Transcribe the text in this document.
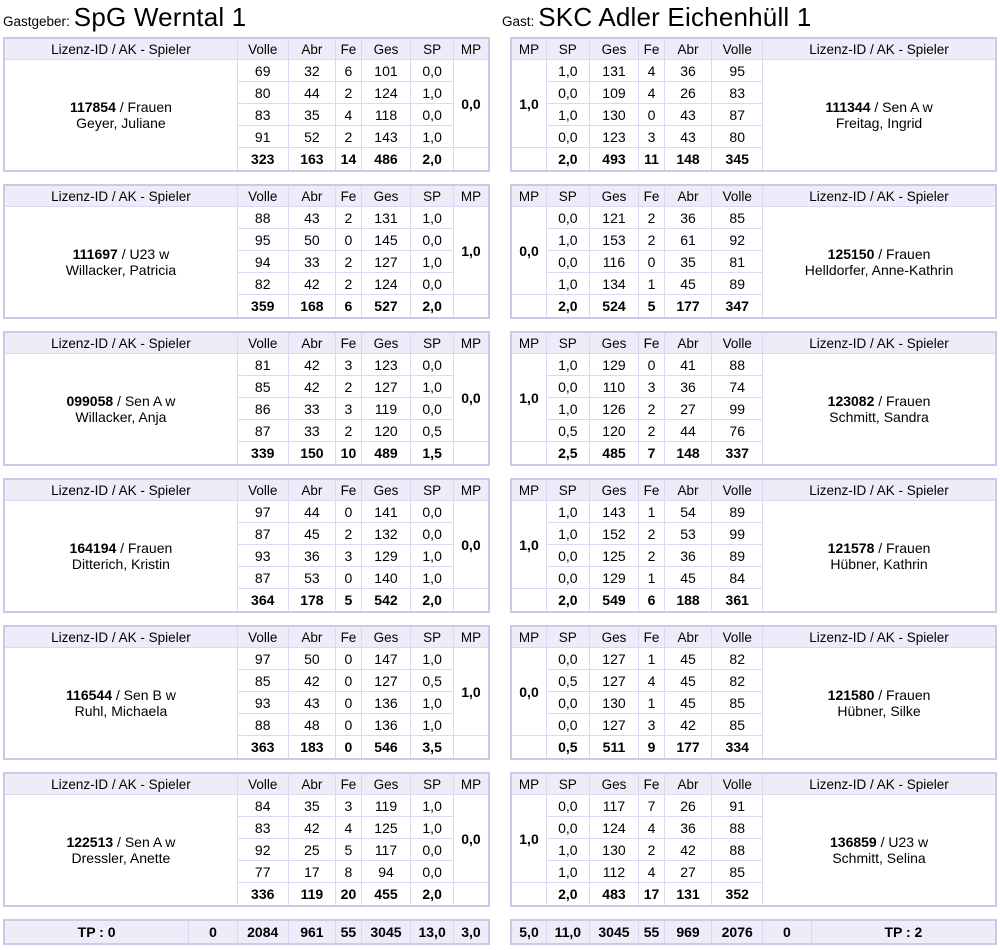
Gastgeber: SpG Werntal 1	Gast: SKC Adler Eichenhüll 1
Lizenz-ID / AK - Spieler	Volle	Abr	Fe	Ges	SP	MP

117854 / Frauen
Geyer, Juliane	69	32	6	101	0,0	0,0
	80	44	2	124	1,0	
	83	35	4	118	0,0	
	91	52	2	143	1,0	
	323	163	14	486	2,0	
Lizenz-ID / AK - Spieler	Volle	Abr	Fe	Ges	SP	MP

111697 / U23 w
Willacker, Patricia	88	43	2	131	1,0	1,0
	95	50	0	145	0,0	
	94	33	2	127	1,0	
	82	42	2	124	0,0	
	359	168	6	527	2,0	
Lizenz-ID / AK - Spieler	Volle	Abr	Fe	Ges	SP	MP

099058 / Sen A w
Willacker, Anja	81	42	3	123	0,0	0,0
	85	42	2	127	1,0	
	86	33	3	119	0,0	
	87	33	2	120	0,5	
	339	150	10	489	1,5	
Lizenz-ID / AK - Spieler	Volle	Abr	Fe	Ges	SP	MP

164194 / Frauen
Ditterich, Kristin	97	44	0	141	0,0	0,0
	87	45	2	132	0,0	
	93	36	3	129	1,0	
	87	53	0	140	1,0	
	364	178	5	542	2,0	
Lizenz-ID / AK - Spieler	Volle	Abr	Fe	Ges	SP	MP

116544 / Sen B w
Ruhl, Michaela	97	50	0	147	1,0	1,0
	85	42	0	127	0,5	
	93	43	0	136	1,0	
	88	48	0	136	1,0	
	363	183	0	546	3,5	
Lizenz-ID / AK - Spieler	Volle	Abr	Fe	Ges	SP	MP

122513 / Sen A w
Dressler, Anette	84	35	3	119	1,0	0,0
	83	42	4	125	1,0	
	92	25	5	117	0,0	
	77	17	8	94	0,0	
	336	119	20	455	2,0	
TP : 0	0	2084	961	55	3045	13,0	3,0
MP	SP	Ges	Fe	Abr	Volle	Lizenz-ID / AK - Spieler
1,0	1,0	131	4	36	95	111344 / Sen A w
Freitag, Ingrid

	0,0	109	4	26	83	
	1,0	130	0	43	87	
	0,0	123	3	43	80	
	2,0	493	11	148	345	
MP	SP	Ges	Fe	Abr	Volle	Lizenz-ID / AK - Spieler
0,0	0,0	121	2	36	85	125150 / Frauen
Helldorfer, Anne-Kathrin

	1,0	153	2	61	92	
	0,0	116	0	35	81	
	1,0	134	1	45	89	
	2,0	524	5	177	347	
MP	SP	Ges	Fe	Abr	Volle	Lizenz-ID / AK - Spieler
1,0	1,0	129	0	41	88	123082 / Frauen
Schmitt, Sandra

	0,0	110	3	36	74	
	1,0	126	2	27	99	
	0,5	120	2	44	76	
	2,5	485	7	148	337	
MP	SP	Ges	Fe	Abr	Volle	Lizenz-ID / AK - Spieler
1,0	1,0	143	1	54	89	121578 / Frauen
Hübner, Kathrin

	1,0	152	2	53	99	
	0,0	125	2	36	89	
	0,0	129	1	45	84	
	2,0	549	6	188	361	
MP	SP	Ges	Fe	Abr	Volle	Lizenz-ID / AK - Spieler
0,0	0,0	127	1	45	82	121580 / Frauen
Hübner, Silke

	0,5	127	4	45	82	
	0,0	130	1	45	85	
	0,0	127	3	42	85	
	0,5	511	9	177	334	
MP	SP	Ges	Fe	Abr	Volle	Lizenz-ID / AK - Spieler
1,0	0,0	117	7	26	91	136859 / U23 w
Schmitt, Selina

	0,0	124	4	36	88	
	1,0	130	2	42	88	
	1,0	112	4	27	85	
	2,0	483	17	131	352	
5,0	11,0	3045	55	969	2076	0	TP : 2
